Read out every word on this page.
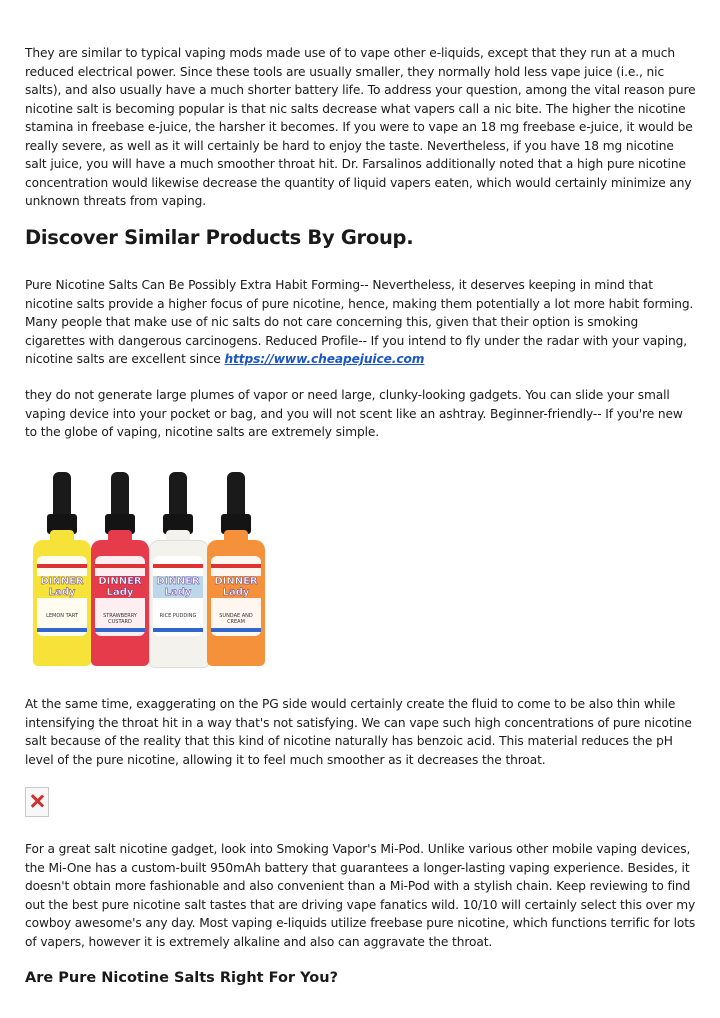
They are similar to typical vaping mods made use of to vape other e-liquids, except that they run at a much reduced electrical power. Since these tools are usually smaller, they normally hold less vape juice (i.e., nic salts), and also usually have a much shorter battery life. To address your question, among the vital reason pure nicotine salt is becoming popular is that nic salts decrease what vapers call a nic bite. The higher the nicotine stamina in freebase e-juice, the harsher it becomes. If you were to vape an 18 mg freebase e-juice, it would be really severe, as well as it will certainly be hard to enjoy the taste. Nevertheless, if you have 18 mg nicotine salt juice, you will have a much smoother throat hit. Dr. Farsalinos additionally noted that a high pure nicotine concentration would likewise decrease the quantity of liquid vapers eaten, which would certainly minimize any unknown threats from vaping.

Discover Similar Products By Group.

Pure Nicotine Salts Can Be Possibly Extra Habit Forming-- Nevertheless, it deserves keeping in mind that nicotine salts provide a higher focus of pure nicotine, hence, making them potentially a lot more habit forming. Many people that make use of nic salts do not care concerning this, given that their option is smoking cigarettes with dangerous carcinogens. Reduced Profile-- If you intend to fly under the radar with your vaping, nicotine salts are excellent since https://www.cheapejuice.com

they do not generate large plumes of vapor or need large, clunky-looking gadgets. You can slide your small vaping device into your pocket or bag, and you will not scent like an ashtray. Beginner-friendly-- If you're new to the globe of vaping, nicotine salts are extremely simple.

DINNER Lady
LEMON TART
DINNER Lady
STRAWBERRY CUSTARD
DINNER Lady
RICE PUDDING
DINNER Lady
SUNDAE AND CREAM

At the same time, exaggerating on the PG side would certainly create the fluid to come to be also thin while intensifying the throat hit in a way that's not satisfying. We can vape such high concentrations of pure nicotine salt because of the reality that this kind of nicotine naturally has benzoic acid. This material reduces the pH level of the pure nicotine, allowing it to feel much smoother as it decreases the throat.

For a great salt nicotine gadget, look into Smoking Vapor's Mi-Pod. Unlike various other mobile vaping devices, the Mi-One has a custom-built 950mAh battery that guarantees a longer-lasting vaping experience. Besides, it doesn't obtain more fashionable and also convenient than a Mi-Pod with a stylish chain. Keep reviewing to find out the best pure nicotine salt tastes that are driving vape fanatics wild. 10/10 will certainly select this over my cowboy awesome's any day. Most vaping e-liquids utilize freebase pure nicotine, which functions terrific for lots of vapers, however it is extremely alkaline and also can aggravate the throat.

Are Pure Nicotine Salts Right For You?
